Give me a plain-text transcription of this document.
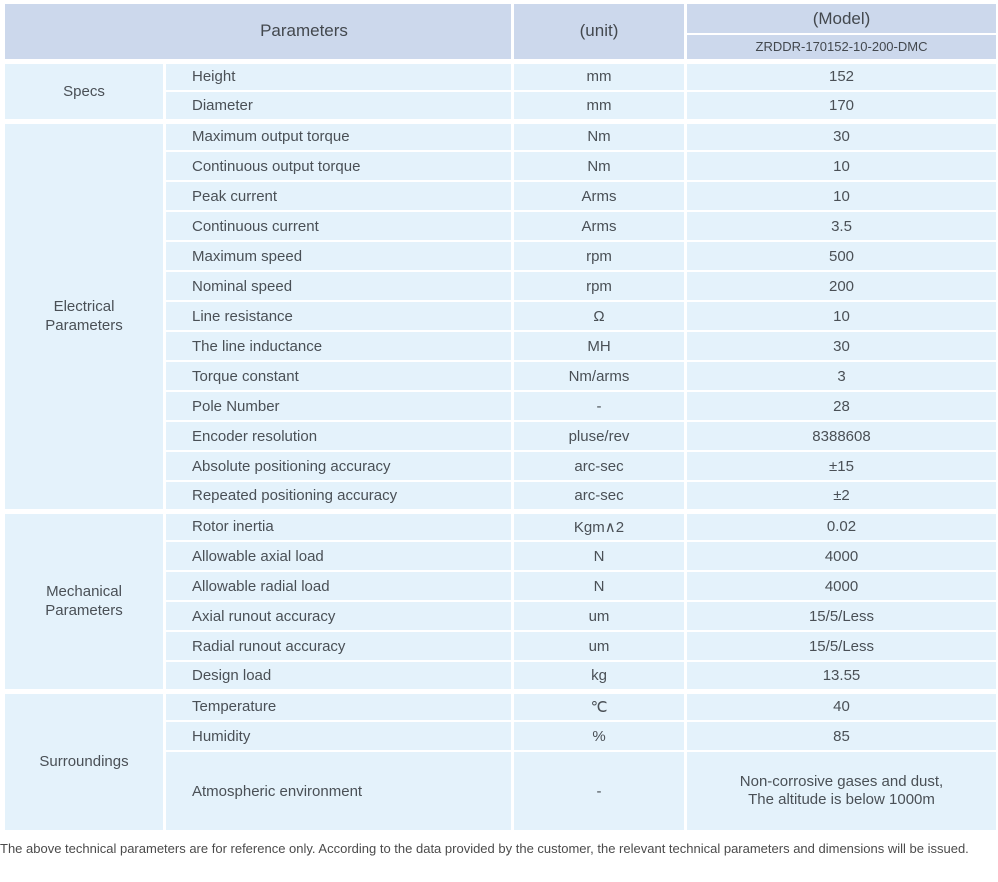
Parameters		(unit)	(Model)
			ZRDDR-170152-10-200-DMC

Specs	Height	mm	152
	Diameter	mm	170

Electrical Parameters	Maximum output torque	Nm	30
	Continuous output torque	Nm	10
	Peak current	Arms	10
	Continuous current	Arms	3.5
	Maximum speed	rpm	500
	Nominal speed	rpm	200
	Line resistance	Ω	10
	The line inductance	MH	30
	Torque constant	Nm/arms	3
	Pole Number	-	28
	Encoder resolution	pluse/rev	8388608
	Absolute positioning accuracy	arc-sec	±15
	Repeated positioning accuracy	arc-sec	±2

Mechanical Parameters	Rotor inertia	Kgm∧2	0.02
	Allowable axial load	N	4000
	Allowable radial load	N	4000
	Axial runout accuracy	um	15/5/Less
	Radial runout accuracy	um	15/5/Less
	Design load	kg	13.55

Surroundings	Temperature	℃	40
	Humidity	%	85
	Atmospheric environment	-	Non-corrosive gases and dust,
The altitude is below 1000m
The above technical parameters are for reference only. According to the data provided by the customer, the relevant technical parameters and dimensions will be issued.
